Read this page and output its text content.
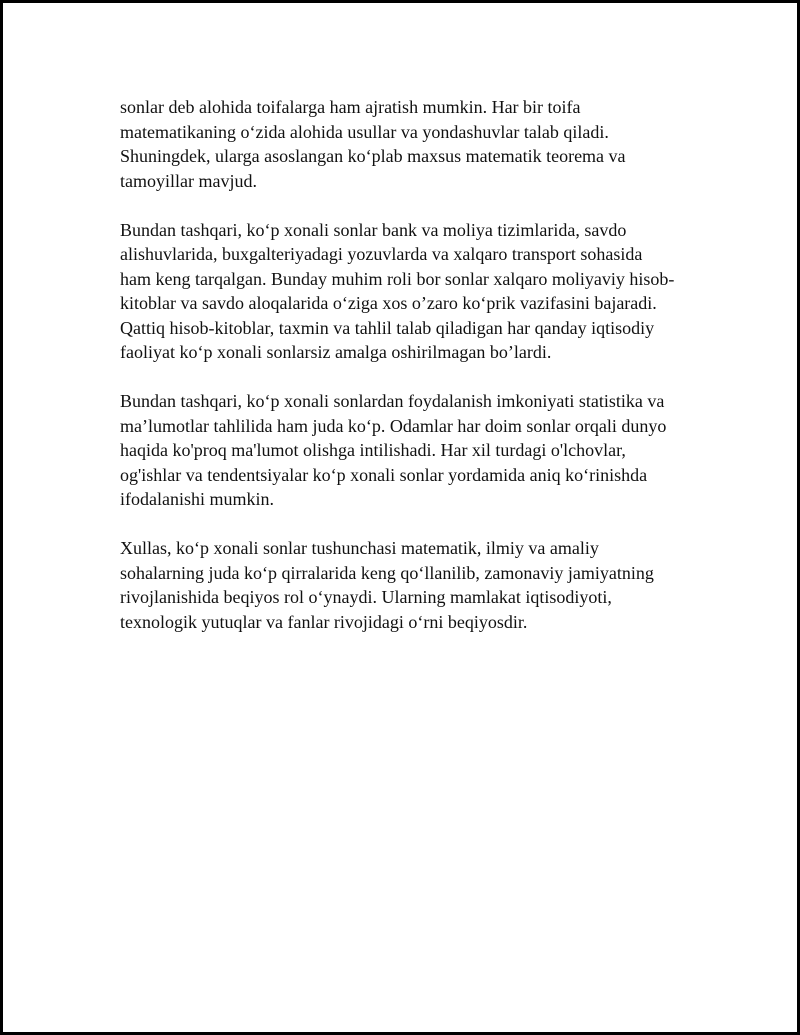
sonlar deb alohida toifalarga ham ajratish mumkin. Har bir toifa
matematikaning o‘zida alohida usullar va yondashuvlar talab qiladi.
Shuningdek, ularga asoslangan ko‘plab maxsus matematik teorema va
tamoyillar mavjud.

Bundan tashqari, ko‘p xonali sonlar bank va moliya tizimlarida, savdo
alishuvlarida, buxgalteriyadagi yozuvlarda va xalqaro transport sohasida
ham keng tarqalgan. Bunday muhim roli bor sonlar xalqaro moliyaviy hisob-
kitoblar va savdo aloqalarida o‘ziga xos o’zaro ko‘prik vazifasini bajaradi.
Qattiq hisob-kitoblar, taxmin va tahlil talab qiladigan har qanday iqtisodiy
faoliyat ko‘p xonali sonlarsiz amalga oshirilmagan bo’lardi.

Bundan tashqari, ko‘p xonali sonlardan foydalanish imkoniyati statistika va
ma’lumotlar tahlilida ham juda ko‘p. Odamlar har doim sonlar orqali dunyo
haqida ko'proq ma'lumot olishga intilishadi. Har xil turdagi o'lchovlar,
og'ishlar va tendentsiyalar ko‘p xonali sonlar yordamida aniq ko‘rinishda
ifodalanishi mumkin.

Xullas, ko‘p xonali sonlar tushunchasi matematik, ilmiy va amaliy
sohalarning juda ko‘p qirralarida keng qo‘llanilib, zamonaviy jamiyatning
rivojlanishida beqiyos rol o‘ynaydi. Ularning mamlakat iqtisodiyoti,
texnologik yutuqlar va fanlar rivojidagi o‘rni beqiyosdir.
